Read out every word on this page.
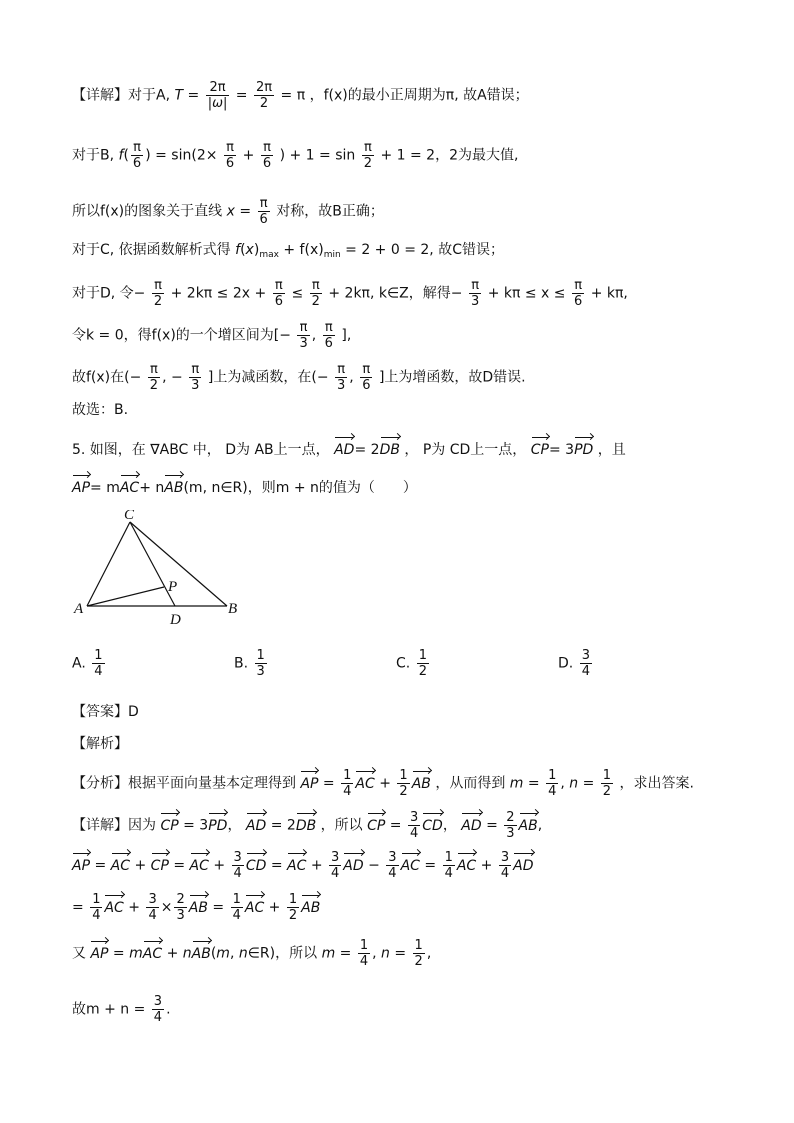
【详解】对于A, $T = \frac{2\pi}{|\omega|} = \frac{2\pi}{2} = \pi$ ，f(x)的最小正周期为π, 故A错误；
对于B, $f( \frac{\pi}{6}$ ) = $\sin(2\times \frac{\pi}{6} + \frac{\pi}{6}$ ) + $1 = \sin \frac{\pi}{2} + 1 = 2$，2为最大值,
所以f(x)的图象关于直线 $x = \frac{\pi}{6}$ 对称，故B正确；
对于C, 依据函数解析式得 $f(x)_{max} + f(x)_{min} = 2 + 0 = 2$, 故C错误；
对于D, 令− $\frac{\pi}{2} + 2k\pi \le 2x + \frac{\pi}{6} \le \frac{\pi}{2} + 2k\pi$, k∈Z，解得− $\frac{\pi}{3} + k\pi \le x \le \frac{\pi}{6} + k\pi$,
令k = 0，得f(x)的一个增区间为[− $\frac{\pi}{3}$ , $\frac{\pi}{6}$ ],
故f(x)在(− $\frac{\pi}{2}$ , − $\frac{\pi}{3}$ ]上为减函数，在(− $\frac{\pi}{3}$ , $\frac{\pi}{6}$ ]上为增函数，故D错误.
故选：B.
5. 如图，在 ∇ABC 中， D为 AB上一点， AD= 2DB ， P为 CD上一点， CP= 3PD ，且
AP= mAC+ nAB(m, n∈R)，则m + n的值为（　　）
C
P
A
D
B
A. $\frac{1}{4}$	B. $\frac{1}{3}$	C. $\frac{1}{2}$	D. $\frac{3}{4}$
【答案】D
【解析】
【分析】根据平面向量基本定理得到 AP = $\frac{1}{4}$ AC + $\frac{1}{2}$ AB ，从而得到 $m = \frac{1}{4}$ , $n = \frac{1}{2}$ ，求出答案.
【详解】因为 CP = 3PD， AD = 2DB ，所以 CP = $\frac{3}{4}$ CD， AD = $\frac{2}{3}$ AB,
AP = AC + CP = AC + $\frac{3}{4}$ CD = AC + $\frac{3}{4}$ AD − $\frac{3}{4}$ AC = $\frac{1}{4}$ AC + $\frac{3}{4}$ AD
= $\frac{1}{4}$ AC + $\frac{3}{4} \times \frac{2}{3}$ AB = $\frac{1}{4}$ AC + $\frac{1}{2}$ AB
又 AP = mAC + nAB(m, n∈R)，所以 $m = \frac{1}{4}$ , $n = \frac{1}{2}$ ,
故$m + n = \frac{3}{4}$ .
